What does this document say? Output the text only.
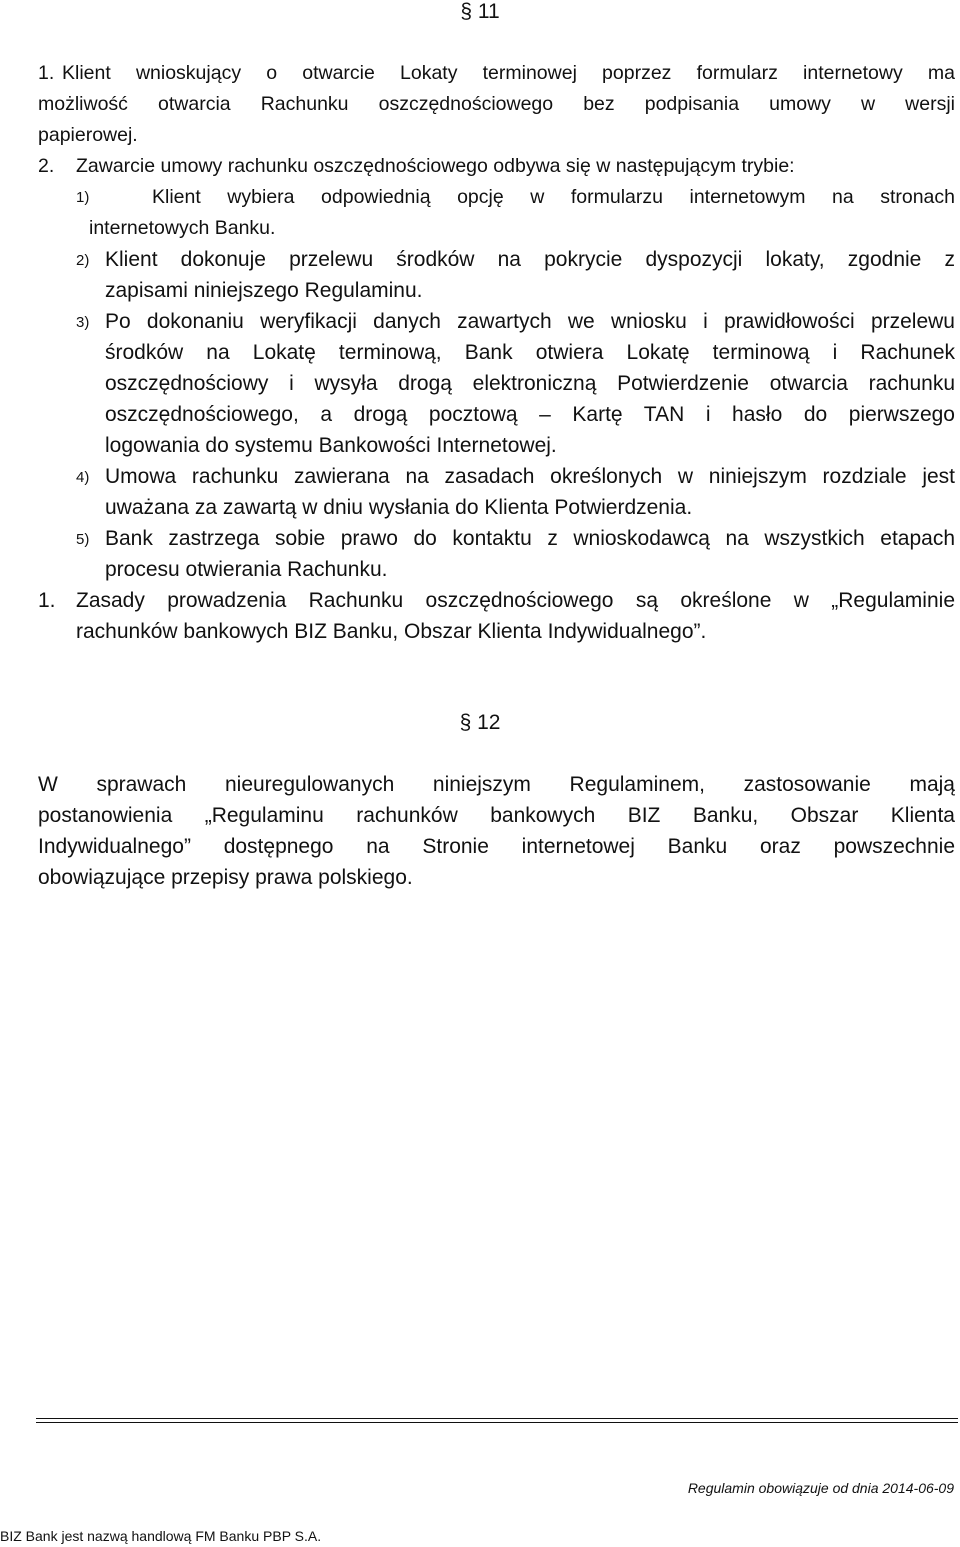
§ 11
1. Klient wnioskujący o otwarcie Lokaty terminowej poprzez formularz internetowy ma
możliwość otwarcia Rachunku oszczędnościowego bez podpisania umowy w wersji
papierowej.
2. Zawarcie umowy rachunku oszczędnościowego odbywa się w następującym trybie:
1)	Klient wybiera odpowiednią opcję w formularzu internetowym na stronach
internetowych Banku.
2) Klient dokonuje przelewu środków na pokrycie dyspozycji lokaty, zgodnie z
zapisami niniejszego Regulaminu.
3) Po dokonaniu weryfikacji danych zawartych we wniosku i prawidłowości przelewu
środków na Lokatę terminową, Bank otwiera Lokatę terminową i Rachunek
oszczędnościowy i wysyła drogą elektroniczną Potwierdzenie otwarcia rachunku
oszczędnościowego, a drogą pocztową – Kartę TAN i hasło do pierwszego
logowania do systemu Bankowości Internetowej.
4) Umowa rachunku zawierana na zasadach określonych w niniejszym rozdziale jest
uważana za zawartą w dniu wysłania do Klienta Potwierdzenia.
5) Bank zastrzega sobie prawo do kontaktu z wnioskodawcą na wszystkich etapach
procesu otwierania Rachunku.
1. Zasady prowadzenia Rachunku oszczędnościowego są określone w „Regulaminie
rachunków bankowych BIZ Banku, Obszar Klienta Indywidualnego”.
§ 12
W sprawach nieuregulowanych niniejszym Regulaminem, zastosowanie mają
postanowienia „Regulaminu rachunków bankowych BIZ Banku, Obszar Klienta
Indywidualnego” dostępnego na Stronie internetowej Banku oraz powszechnie
obowiązujące przepisy prawa polskiego.
Regulamin obowiązuje od dnia 2014-06-09
BIZ Bank jest nazwą handlową FM Banku PBP S.A.
